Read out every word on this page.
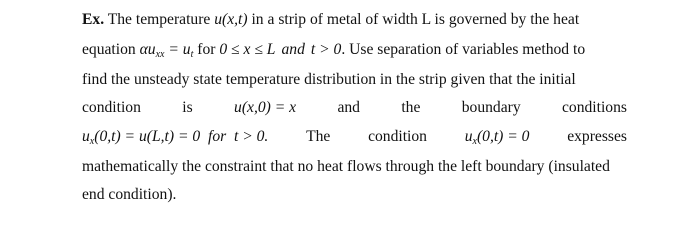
Ex. The temperature u(x,t) in a strip of metal of width L is governed by the heat
equation $\alpha u_{xx} = u_t$ for 0 ≤ x ≤ L and t > 0. Use separation of variables method to
find the unsteady state temperature distribution in the strip given that the initial
condition	is	u(x,0) = x	and	the	boundary	conditions
$u_x(0,t) = u(L,t) = 0$ for t > 0. The condition $u_x(0,t) = 0$ expresses
mathematically the constraint that no heat flows through the left boundary (insulated
end condition).
